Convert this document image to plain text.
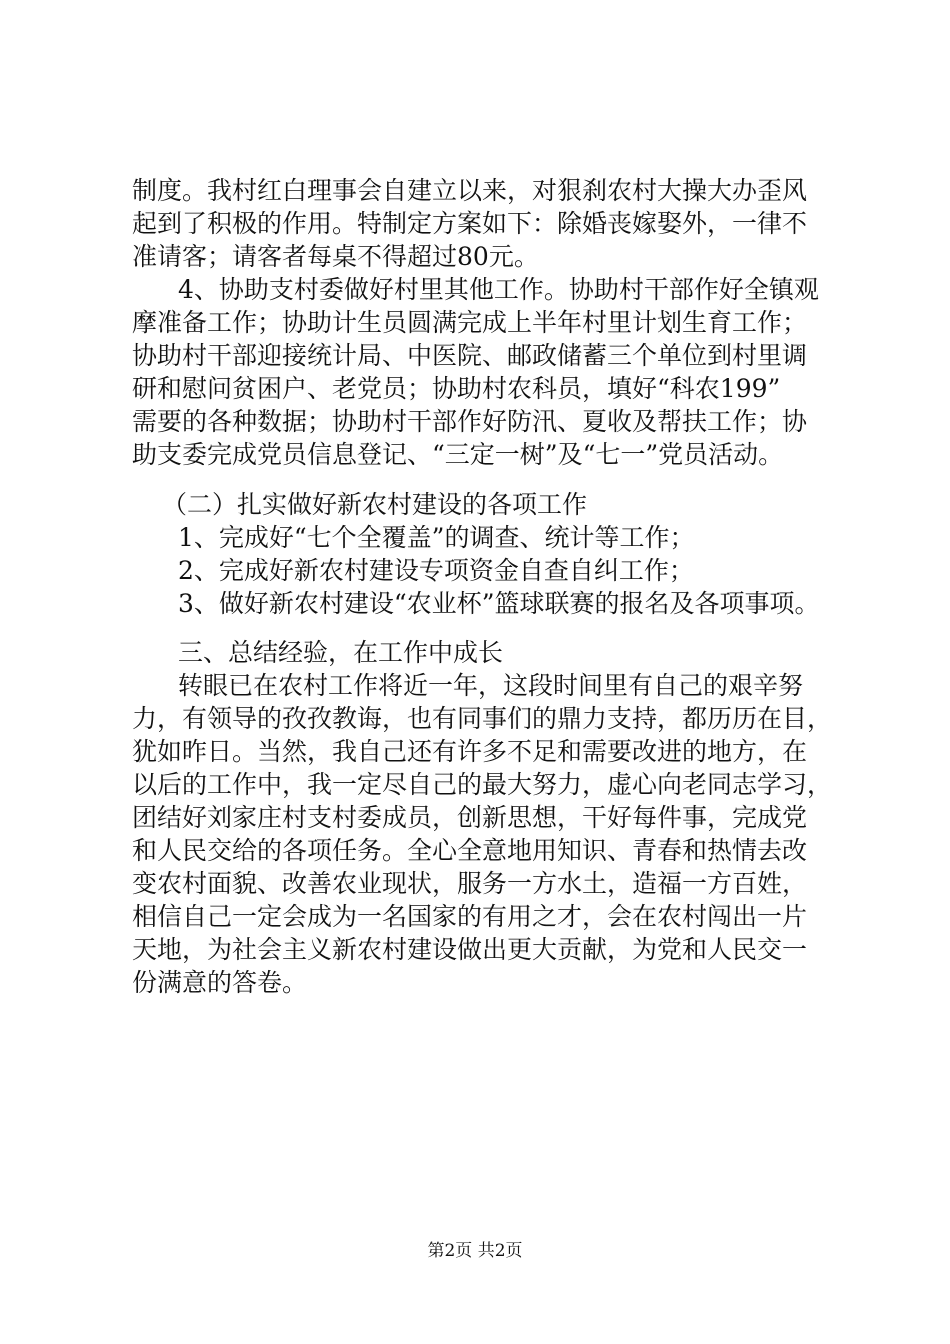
制度。我村红白理事会自建立以来，对狠刹农村大操大办歪风
起到了积极的作用。特制定方案如下：除婚丧嫁娶外，一律不
准请客；请客者每桌不得超过80元。
4、协助支村委做好村里其他工作。协助村干部作好全镇观
摩准备工作；协助计生员圆满完成上半年村里计划生育工作；
协助村干部迎接统计局、中医院、邮政储蓄三个单位到村里调
研和慰问贫困户、老党员；协助村农科员，填好“科农199”
需要的各种数据；协助村干部作好防汛、夏收及帮扶工作；协
助支委完成党员信息登记、“三定一树”及“七一”党员活动。
（二）扎实做好新农村建设的各项工作
1、完成好“七个全覆盖”的调查、统计等工作；
2、完成好新农村建设专项资金自查自纠工作；
3、做好新农村建设“农业杯”篮球联赛的报名及各项事项。
三、总结经验，在工作中成长
转眼已在农村工作将近一年，这段时间里有自己的艰辛努
力，有领导的孜孜教诲，也有同事们的鼎力支持，都历历在目，
犹如昨日。当然，我自己还有许多不足和需要改进的地方，在
以后的工作中，我一定尽自己的最大努力，虚心向老同志学习，
团结好刘家庄村支村委成员，创新思想，干好每件事，完成党
和人民交给的各项任务。全心全意地用知识、青春和热情去改
变农村面貌、改善农业现状，服务一方水土，造福一方百姓，
相信自己一定会成为一名国家的有用之才，会在农村闯出一片
天地，为社会主义新农村建设做出更大贡献，为党和人民交一
份满意的答卷。
第2页 共2页
